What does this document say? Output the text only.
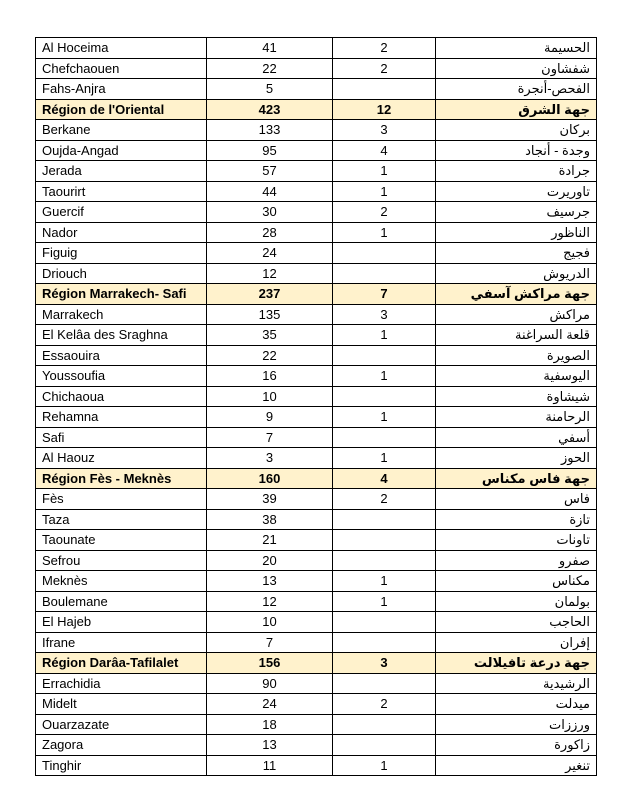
Al Hoceima	41	2	الحسيمة
Chefchaouen	22	2	شفشاون
Fahs-Anjra	5		الفحص-أنجرة
Région de l'Oriental	423	12	جهة الشرق
Berkane	133	3	بركان
Oujda-Angad	95	4	وجدة - أنجاد
Jerada	57	1	جرادة
Taourirt	44	1	تاوريرت
Guercif	30	2	جرسيف
Nador	28	1	الناظور
Figuig	24		فجيج
Driouch	12		الدريوش
Région Marrakech- Safi	237	7	جهة مراكش آسفي
Marrakech	135	3	مراكش
El Kelâa des Sraghna	35	1	قلعة السراغنة
Essaouira	22		الصويرة
Youssoufia	16	1	اليوسفية
Chichaoua	10		شيشاوة
Rehamna	9	1	الرحامنة
Safi	7		أسفي
Al Haouz	3	1	الحوز
Région Fès - Meknès	160	4	جهة فاس مكناس
Fès	39	2	فاس
Taza	38		تازة
Taounate	21		تاونات
Sefrou	20		صفرو
Meknès	13	1	مكناس
Boulemane	12	1	بولمان
El Hajeb	10		الحاجب
Ifrane	7		إفران
Région Darâa-Tafilalet	156	3	جهة درعة تافيلالت
Errachidia	90		الرشيدية
Midelt	24	2	ميدلت
Ouarzazate	18		ورززات
Zagora	13		زاكورة
Tinghir	11	1	تنغير
